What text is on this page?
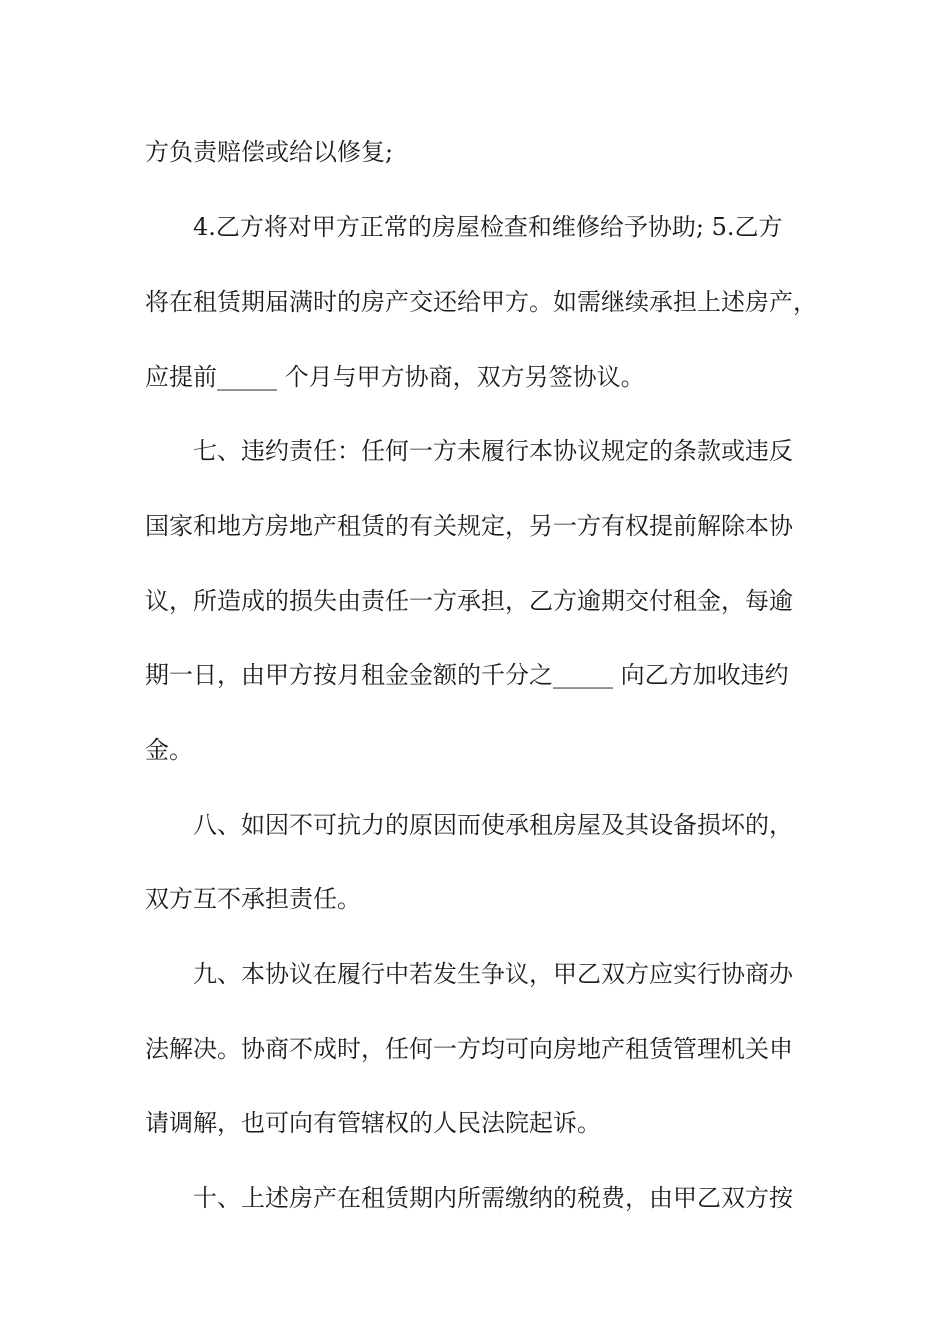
方负责赔偿或给以修复;
4.乙方将对甲方正常的房屋检查和维修给予协助; 5.乙方
将在租赁期届满时的房产交还给甲方。如需继续承担上述房产，
应提前_____ 个月与甲方协商，双方另签协议。
七、违约责任：任何一方未履行本协议规定的条款或违反
国家和地方房地产租赁的有关规定，另一方有权提前解除本协
议，所造成的损失由责任一方承担，乙方逾期交付租金，每逾
期一日，由甲方按月租金金额的千分之_____ 向乙方加收违约
金。
八、如因不可抗力的原因而使承租房屋及其设备损坏的，
双方互不承担责任。
九、本协议在履行中若发生争议，甲乙双方应实行协商办
法解决。协商不成时，任何一方均可向房地产租赁管理机关申
请调解，也可向有管辖权的人民法院起诉。
十、上述房产在租赁期内所需缴纳的税费，由甲乙双方按
